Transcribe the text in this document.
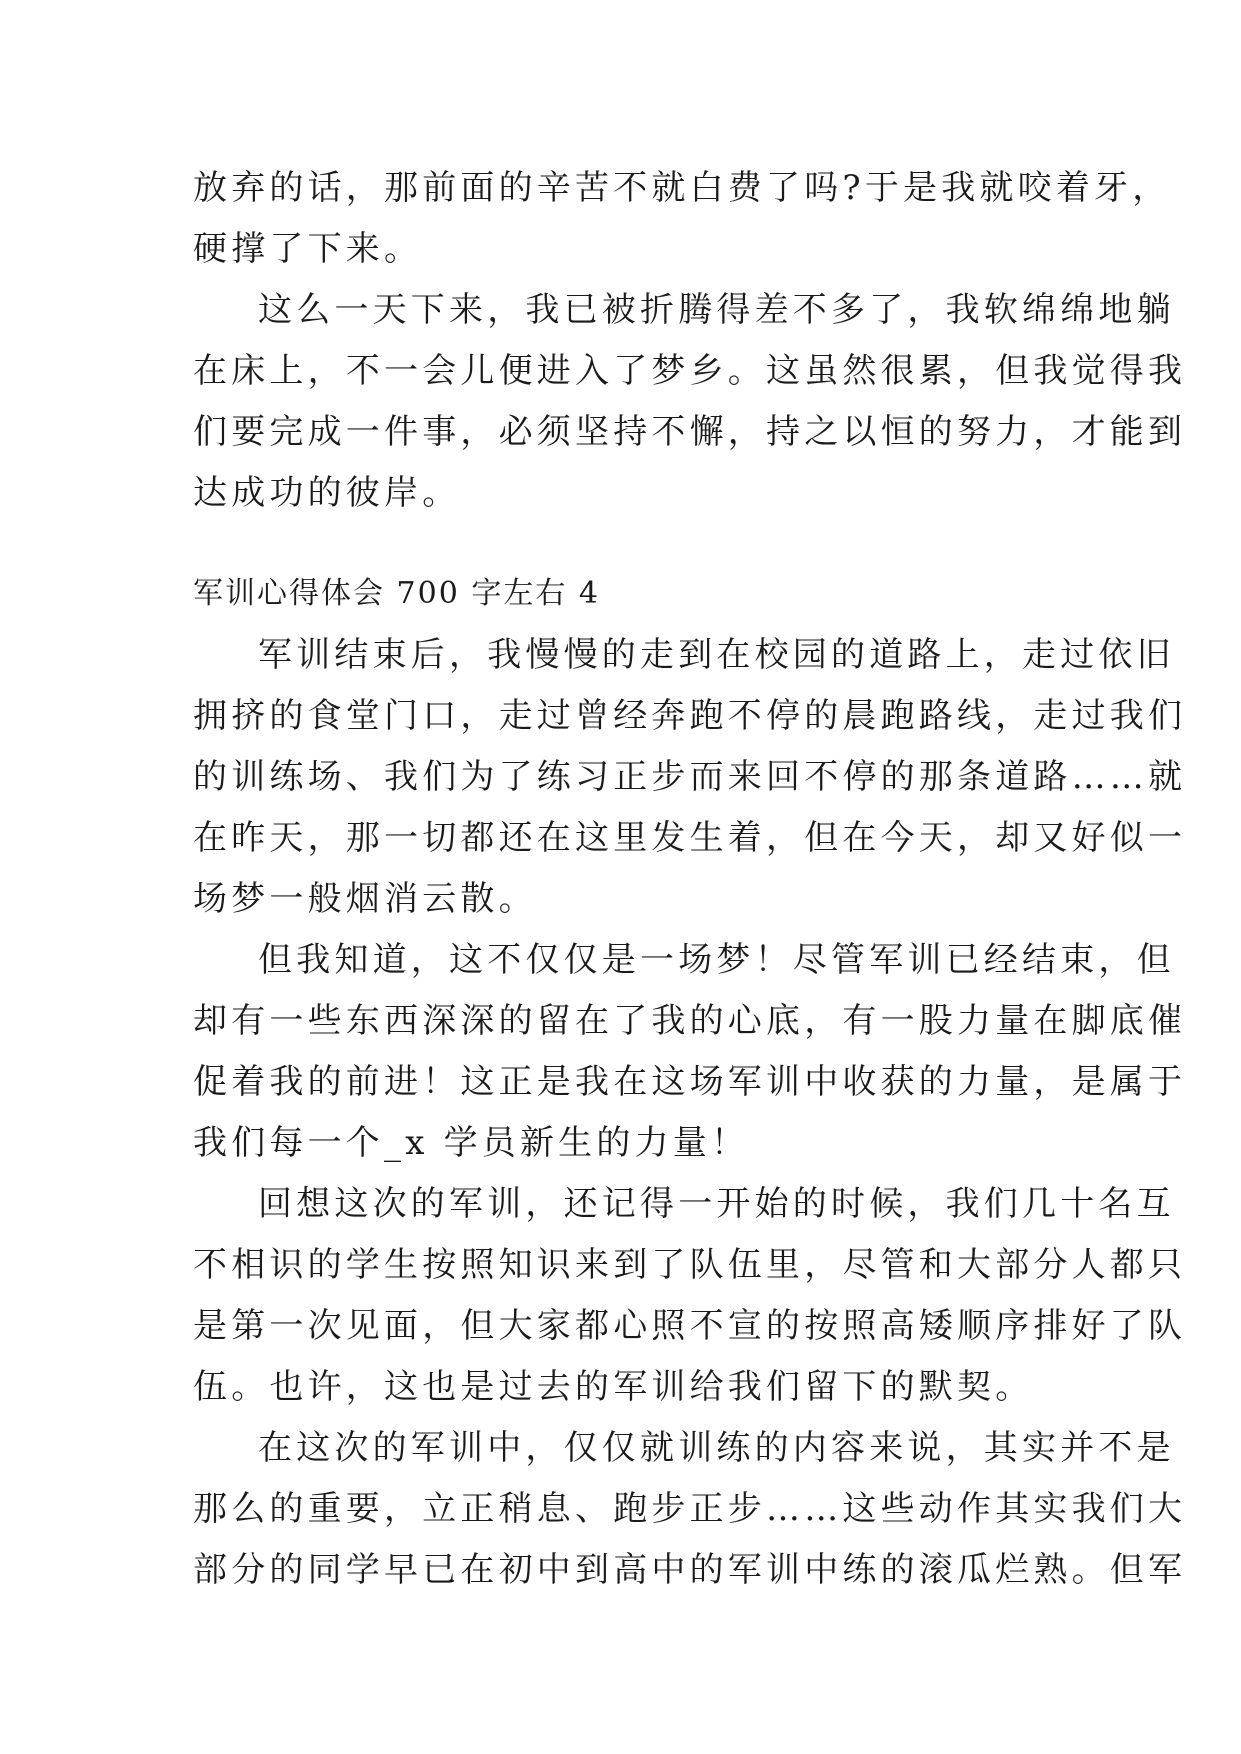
放弃的话，那前面的辛苦不就白费了吗?于是我就咬着牙，
硬撑了下来。
这么一天下来，我已被折腾得差不多了，我软绵绵地躺
在床上，不一会儿便进入了梦乡。这虽然很累，但我觉得我
们要完成一件事，必须坚持不懈，持之以恒的努力，才能到
达成功的彼岸。
军训心得体会 700 字左右 4
军训结束后，我慢慢的走到在校园的道路上，走过依旧
拥挤的食堂门口，走过曾经奔跑不停的晨跑路线，走过我们
的训练场、我们为了练习正步而来回不停的那条道路……就
在昨天，那一切都还在这里发生着，但在今天，却又好似一
场梦一般烟消云散。
但我知道，这不仅仅是一场梦！尽管军训已经结束，但
却有一些东西深深的留在了我的心底，有一股力量在脚底催
促着我的前进！这正是我在这场军训中收获的力量，是属于
我们每一个_x 学员新生的力量！
回想这次的军训，还记得一开始的时候，我们几十名互
不相识的学生按照知识来到了队伍里，尽管和大部分人都只
是第一次见面，但大家都心照不宣的按照高矮顺序排好了队
伍。也许，这也是过去的军训给我们留下的默契。
在这次的军训中，仅仅就训练的内容来说，其实并不是
那么的重要，立正稍息、跑步正步……这些动作其实我们大
部分的同学早已在初中到高中的军训中练的滚瓜烂熟。但军
